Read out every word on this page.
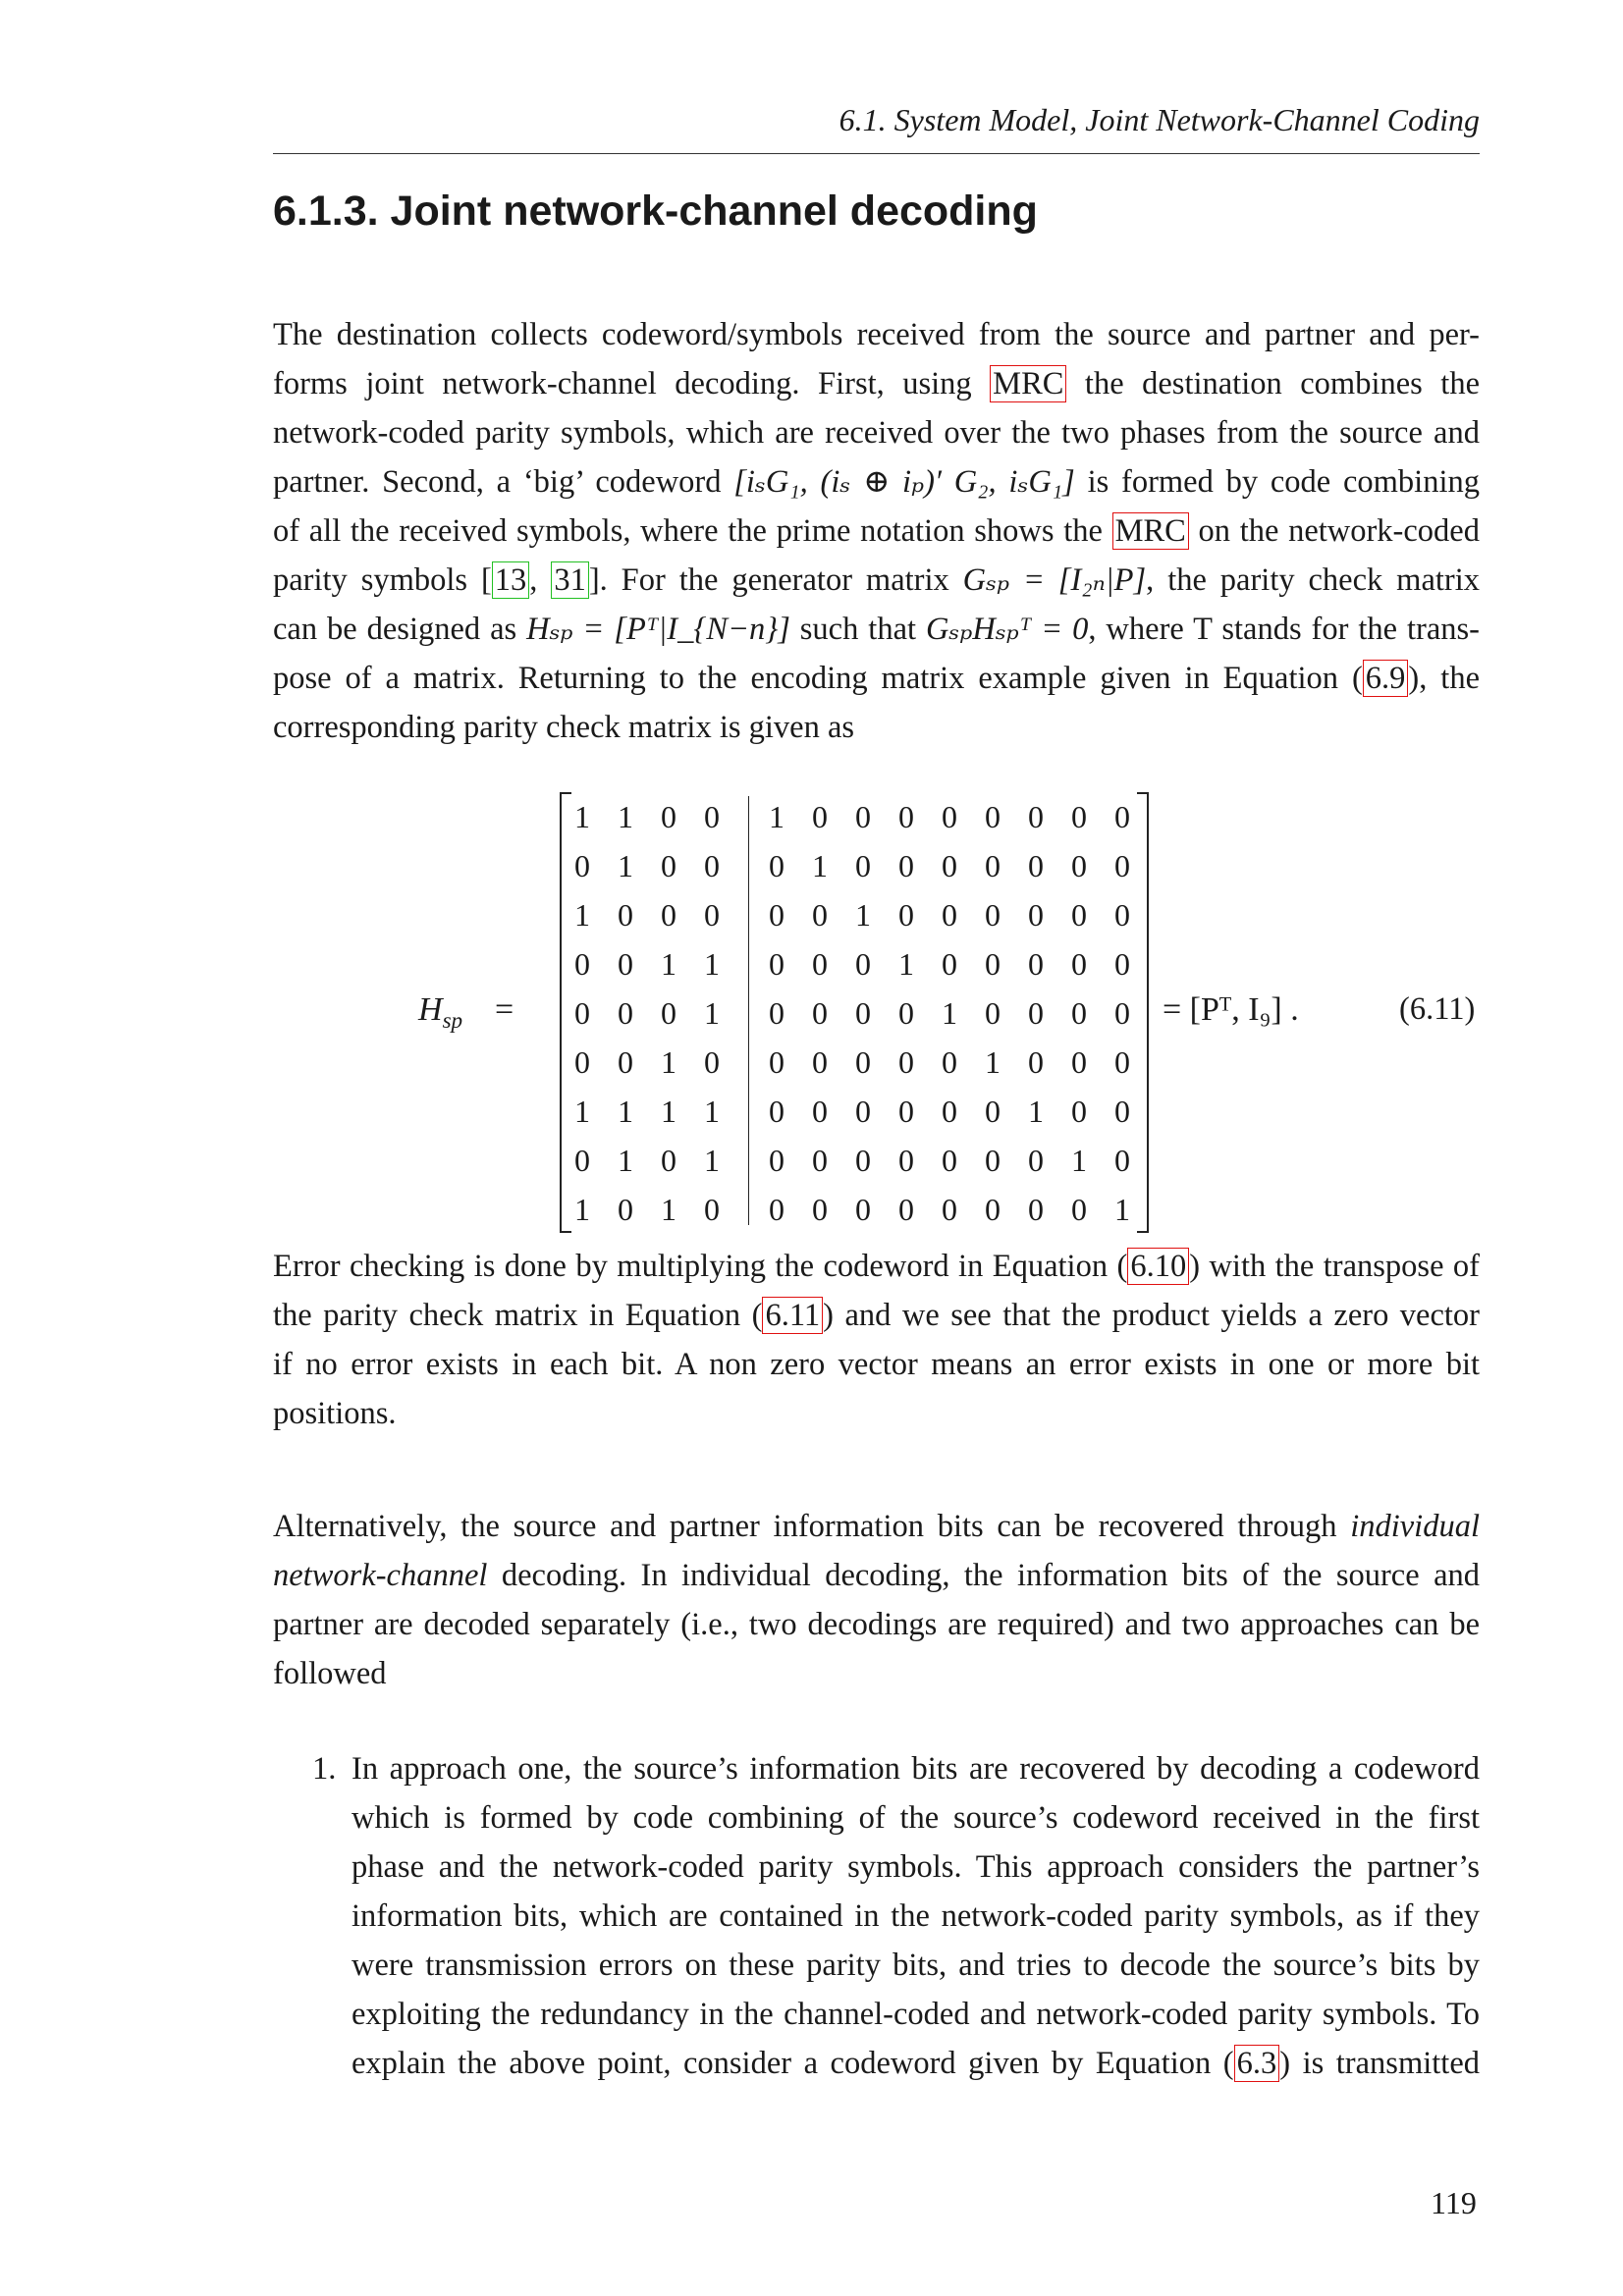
6.1. System Model, Joint Network-Channel Coding
6.1.3. Joint network-channel decoding
The destination collects codeword/symbols received from the source and partner and per-
forms joint network-channel decoding. First, using MRC the destination combines the
network-coded parity symbols, which are received over the two phases from the source and
partner. Second, a ‘big’ codeword [iₛG₁, (iₛ ⊕ iₚ)′ G₂, iₛG₁] is formed by code combining
of all the received symbols, where the prime notation shows the MRC on the network-coded
parity symbols [13, 31]. For the generator matrix Gₛₚ = [I₂ₙ|P], the parity check matrix
can be designed as Hₛₚ = [Pᵀ|I_{N−n}] such that GₛₚHₛₚᵀ = 0, where T stands for the trans-
pose of a matrix. Returning to the encoding matrix example given in Equation (6.9), the
corresponding parity check matrix is given as
$H_{sp}$ =
1 1 0 0 1 0 0 0 0 0 0 0 0
0 1 0 0 0 1 0 0 0 0 0 0 0
1 0 0 0 0 0 1 0 0 0 0 0 0
0 0 1 1 0 0 0 1 0 0 0 0 0
0 0 0 1 0 0 0 0 1 0 0 0 0
0 0 1 0 0 0 0 0 0 1 0 0 0
1 1 1 1 0 0 0 0 0 0 1 0 0
0 1 0 1 0 0 0 0 0 0 0 1 0
1 0 1 0 0 0 0 0 0 0 0 0 1
= [Pᵀ, I₉] .	(6.11)
Error checking is done by multiplying the codeword in Equation (6.10) with the transpose of
the parity check matrix in Equation (6.11) and we see that the product yields a zero vector
if no error exists in each bit. A non zero vector means an error exists in one or more bit
positions.
Alternatively, the source and partner information bits can be recovered through individual
network-channel decoding. In individual decoding, the information bits of the source and
partner are decoded separately (i.e., two decodings are required) and two approaches can be
followed
1. In approach one, the source’s information bits are recovered by decoding a codeword
which is formed by code combining of the source’s codeword received in the first
phase and the network-coded parity symbols. This approach considers the partner’s
information bits, which are contained in the network-coded parity symbols, as if they
were transmission errors on these parity bits, and tries to decode the source’s bits by
exploiting the redundancy in the channel-coded and network-coded parity symbols. To
explain the above point, consider a codeword given by Equation (6.3) is transmitted
119
